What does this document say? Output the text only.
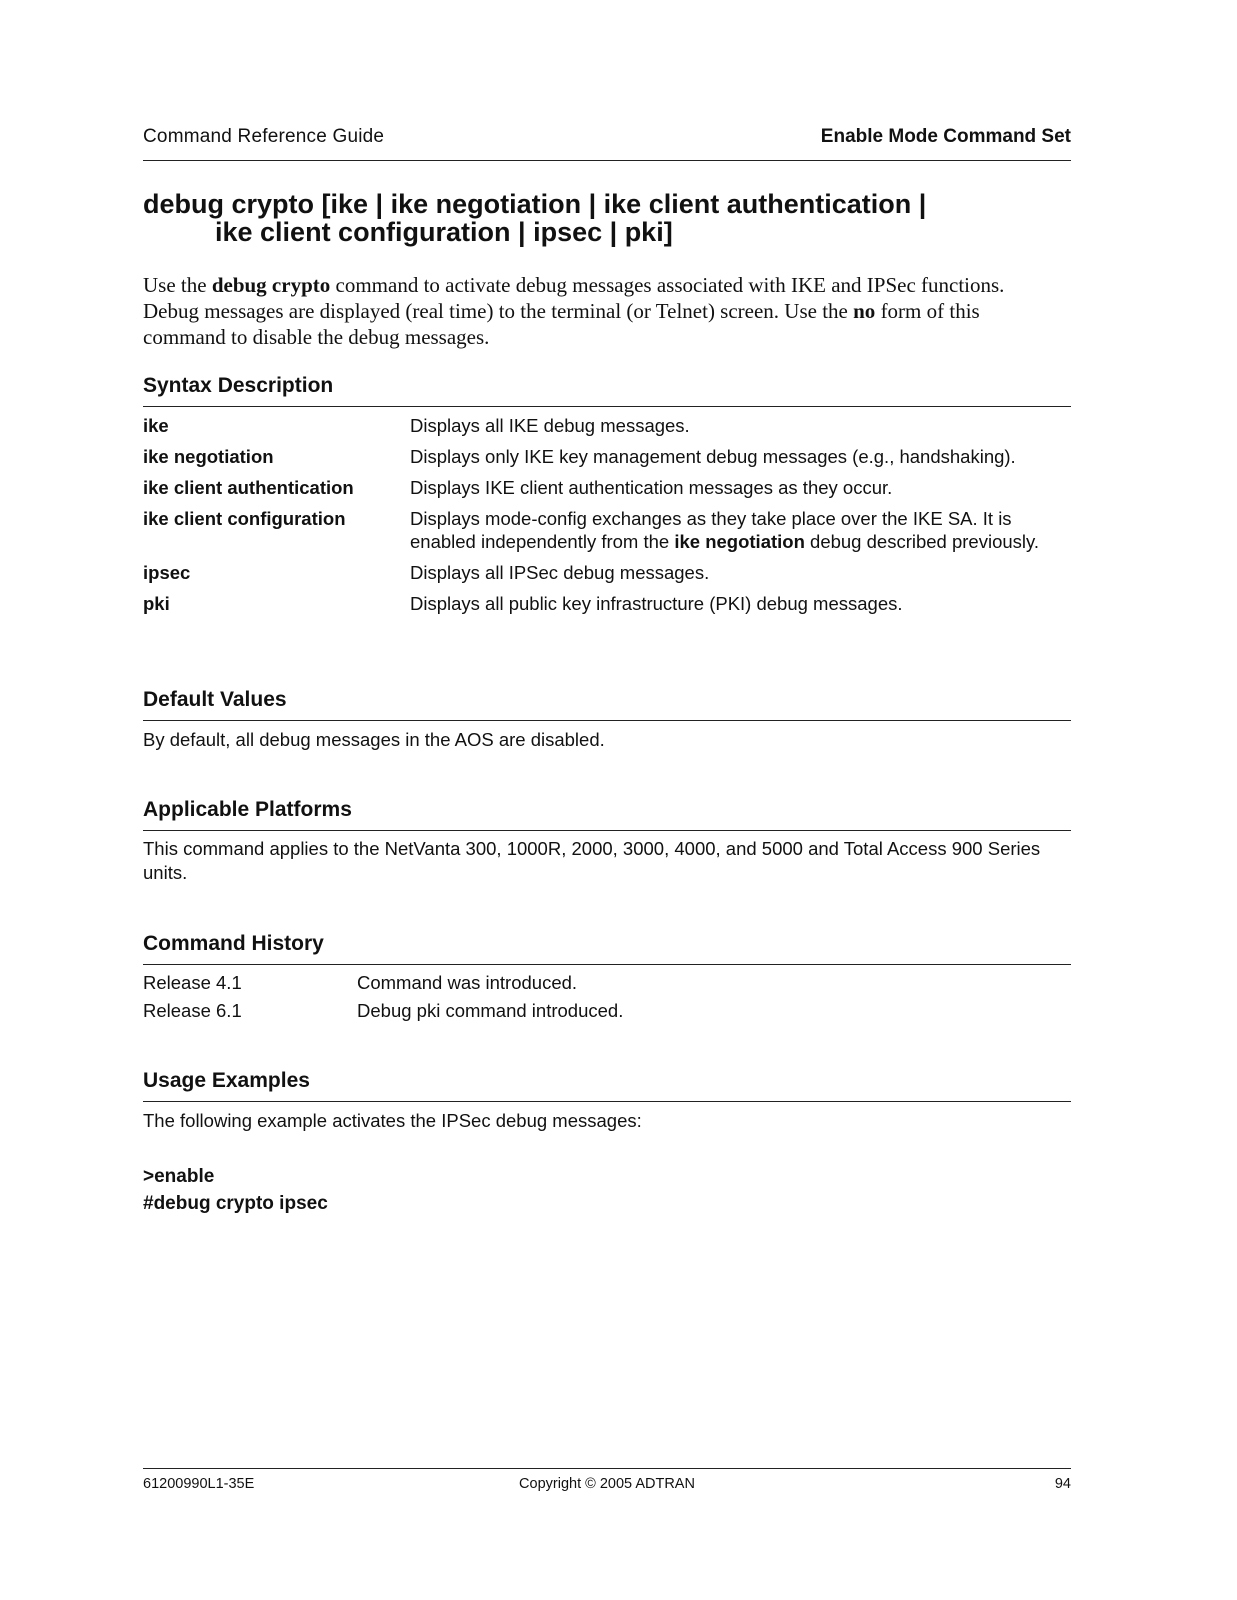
Command Reference Guide	Enable Mode Command Set
debug crypto [ike | ike negotiation | ike client authentication |
ike client configuration | ipsec | pki]

Use the debug crypto command to activate debug messages associated with IKE and IPSec functions. Debug messages are displayed (real time) to the terminal (or Telnet) screen. Use the no form of this command to disable the debug messages.

Syntax Description
ike	Displays all IKE debug messages.
ike negotiation	Displays only IKE key management debug messages (e.g., handshaking).
ike client authentication	Displays IKE client authentication messages as they occur.
ike client configuration	Displays mode-config exchanges as they take place over the IKE SA. It is enabled independently from the ike negotiation debug described previously.
ipsec	Displays all IPSec debug messages.
pki	Displays all public key infrastructure (PKI) debug messages.
Default Values

By default, all debug messages in the AOS are disabled.

Applicable Platforms

This command applies to the NetVanta 300, 1000R, 2000, 3000, 4000, and 5000 and Total Access 900 Series units.

Command History
Release 4.1	Command was introduced.
Release 6.1	Debug pki command introduced.
Usage Examples

The following example activates the IPSec debug messages:

>enable
#debug crypto ipsec
61200990L1-35E	Copyright © 2005 ADTRAN	94
